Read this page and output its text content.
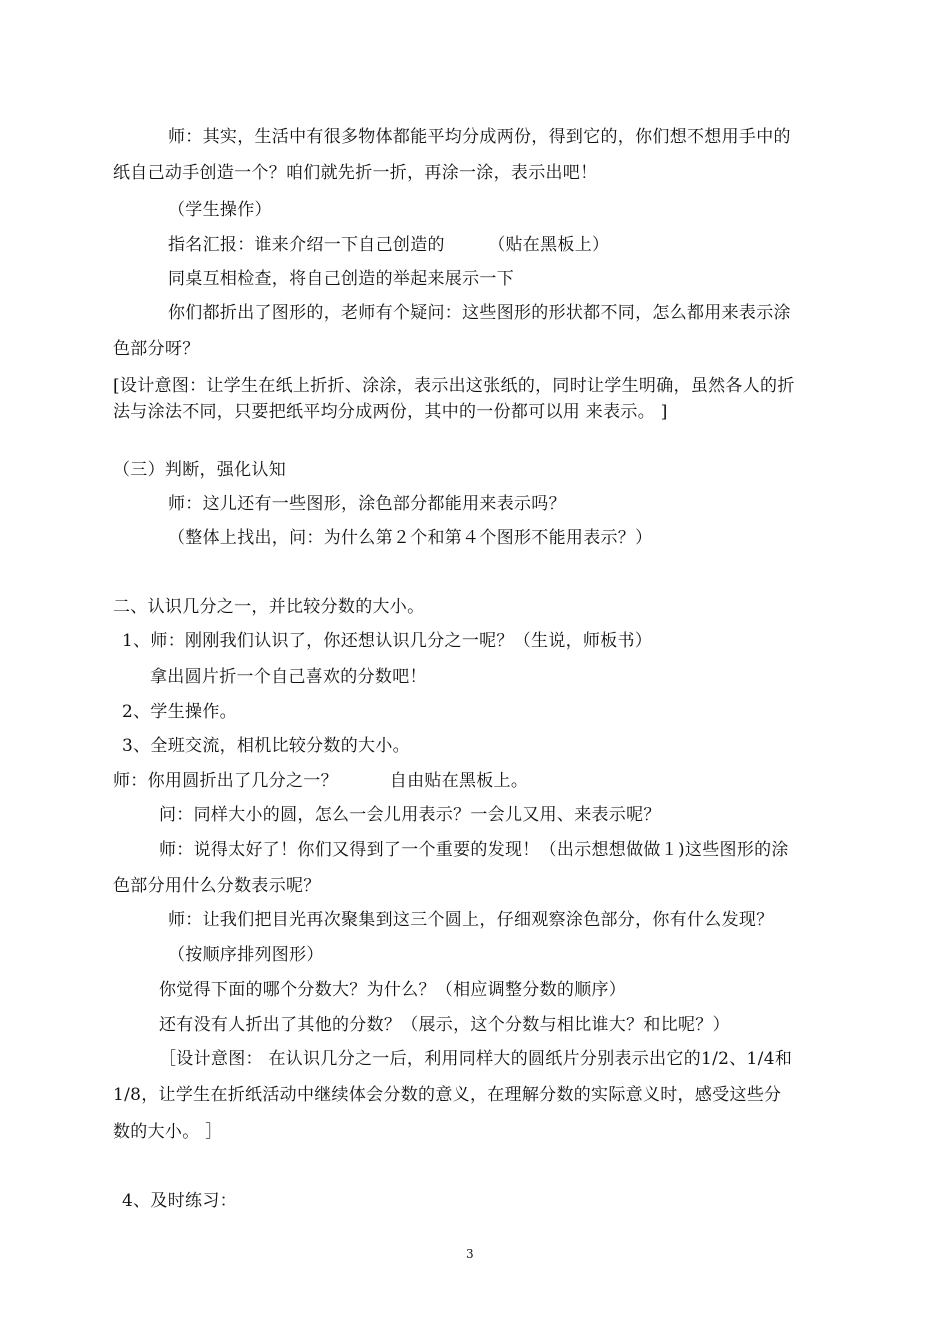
师：其实，生活中有很多物体都能平均分成两份，得到它的，你们想不想用手中的
纸自己动手创造一个？咱们就先折一折，再涂一涂，表示出吧！
（学生操作）
指名汇报：谁来介绍一下自己创造的　　　（贴在黑板上）
同桌互相检查，将自己创造的举起来展示一下
你们都折出了图形的，老师有个疑问：这些图形的形状都不同，怎么都用来表示涂
色部分呀？
[设计意图：让学生在纸上折折、涂涂，表示出这张纸的，同时让学生明确，虽然各人的折
法与涂法不同，只要把纸平均分成两份，其中的一份都可以用 来表示。 ]
（三）判断，强化认知
师：这儿还有一些图形，涂色部分都能用来表示吗？
（整体上找出，问：为什么第２个和第４个图形不能用表示？）
二、认识几分之一，并比较分数的大小。
1、师：刚刚我们认识了，你还想认识几分之一呢？（生说，师板书）
拿出圆片折一个自己喜欢的分数吧！
2、学生操作。
3、全班交流，相机比较分数的大小。
师：你用圆折出了几分之一？　　　自由贴在黑板上。
问：同样大小的圆，怎么一会儿用表示？一会儿又用、来表示呢？
师：说得太好了！你们又得到了一个重要的发现！（出示想想做做１)这些图形的涂
色部分用什么分数表示呢？
师：让我们把目光再次聚集到这三个圆上，仔细观察涂色部分，你有什么发现？
（按顺序排列图形）
你觉得下面的哪个分数大？为什么？（相应调整分数的顺序）
还有没有人折出了其他的分数？（展示，这个分数与相比谁大？和比呢？）
［设计意图： 在认识几分之一后，利用同样大的圆纸片分别表示出它的1/2、1/4和
1/8，让学生在折纸活动中继续体会分数的意义，在理解分数的实际意义时，感受这些分
数的大小。 ］
4、及时练习：
3
